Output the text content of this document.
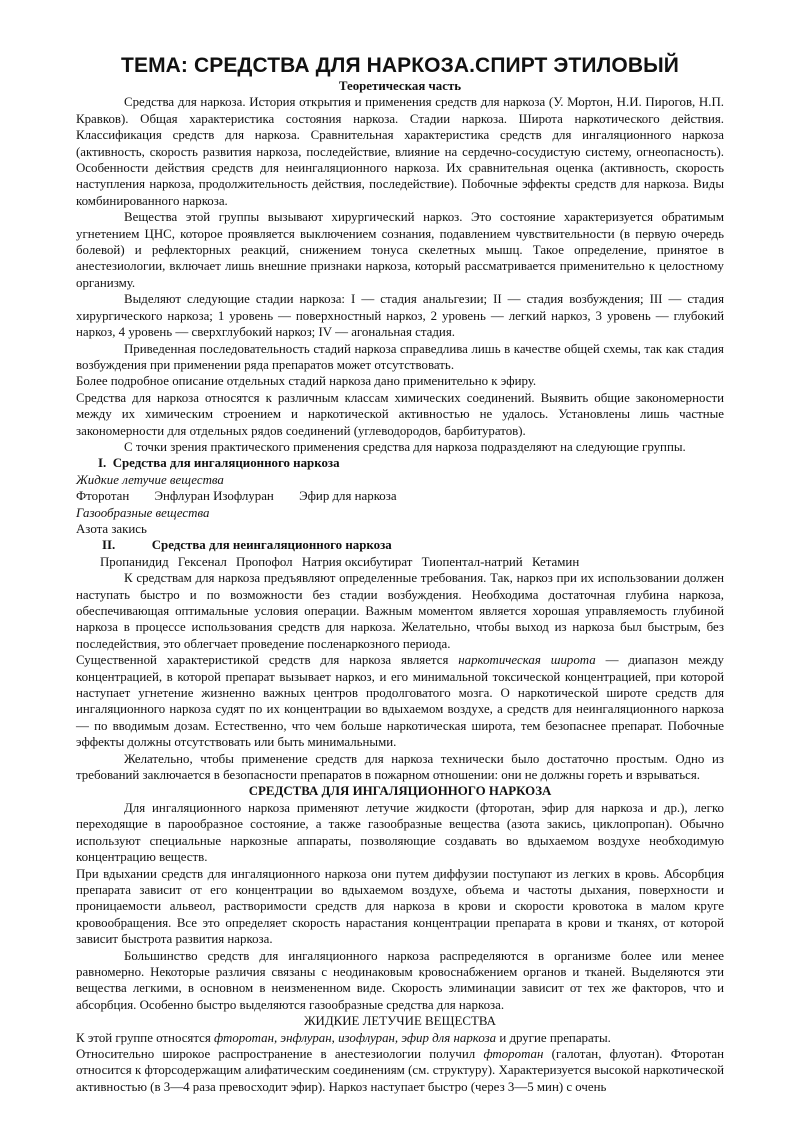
ТЕМА: СРЕДСТВА ДЛЯ НАРКОЗА.СПИРТ ЭТИЛОВЫЙ

Теоретическая часть

Средства для наркоза. История открытия и применения средств для наркоза (У. Мортон, Н.И. Пирогов, Н.П. Кравков). Общая характеристика состояния наркоза. Стадии наркоза. Широта наркотического действия. Классификация средств для наркоза. Сравнительная характеристика средств для ингаляционного наркоза (активность, скорость развития наркоза, последействие, влияние на сердечно-сосудистую систему, огнеопасность). Особенности действия средств для неингаляционного наркоза. Их сравнительная оценка (активность, скорость наступления наркоза, продолжительность действия, последействие). Побочные эффекты средств для наркоза. Виды комбинированного наркоза.

Вещества этой группы вызывают хирургический наркоз. Это состояние характеризуется обратимым угнетением ЦНС, которое проявляется выключением сознания, подавлением чувствительности (в первую очередь болевой) и рефлекторных реакций, снижением тонуса скелетных мышц. Такое определение, принятое в анестезиологии, включает лишь внешние признаки наркоза, который рассматривается применительно к целостному организму.

Выделяют следующие стадии наркоза: I — стадия анальгезии; II — стадия возбуждения; III — стадия хирургического наркоза; 1 уровень — поверхностный наркоз, 2 уровень — легкий наркоз, 3 уровень — глубокий наркоз, 4 уровень — сверхглубокий наркоз; IV — агональная стадия.

Приведенная последовательность стадий наркоза справедлива лишь в качестве общей схемы, так как стадия возбуждения при применении ряда препаратов может отсутствовать.

Более подробное описание отдельных стадий наркоза дано применительно к эфиру.

Средства для наркоза относятся к различным классам химических соединений. Выявить общие закономерности между их химическим строением и наркотической активностью не удалось. Установлены лишь частные закономерности для отдельных рядов соединений (углеводородов, барбитуратов).

С точки зрения практического применения средства для наркоза подразделяют на следующие группы.

I. Средства для ингаляционного наркоза

Жидкие летучие вещества

Фторотан Энфлуран Изофлуран Эфир для наркоза

Газообразные вещества

Азота закись

II.	Средства для неингаляционного наркоза

Пропанидид Гексенал Пропофол Натрия оксибутират Тиопентал-натрий Кетамин

К средствам для наркоза предъявляют определенные требования. Так, наркоз при их использовании должен наступать быстро и по возможности без стадии возбуждения. Необходима достаточная глубина наркоза, обеспечивающая оптимальные условия операции. Важным моментом является хорошая управляемость глубиной наркоза в процессе использования средств для наркоза. Желательно, чтобы выход из наркоза был быстрым, без последействия, это облегчает проведение посленаркозного периода.

Существенной характеристикой средств для наркоза является наркотическая широта — диапазон между концентрацией, в которой препарат вызывает наркоз, и его минимальной токсической концентрацией, при которой наступает угнетение жизненно важных центров продолговатого мозга. О наркотической широте средств для ингаляционного наркоза судят по их концентрации во вдыхаемом воздухе, а средств для неингаляционного наркоза — по вводимым дозам. Естественно, что чем больше наркотическая широта, тем безопаснее препарат. Побочные эффекты должны отсутствовать или быть минимальными.

Желательно, чтобы применение средств для наркоза технически было достаточно простым. Одно из требований заключается в безопасности препаратов в пожарном отношении: они не должны гореть и взрываться.

СРЕДСТВА ДЛЯ ИНГАЛЯЦИОННОГО НАРКОЗА

Для ингаляционного наркоза применяют летучие жидкости (фторотан, эфир для наркоза и др.), легко переходящие в парообразное состояние, а также газообразные вещества (азота закись, циклопропан). Обычно используют специальные наркозные аппараты, позволяющие создавать во вдыхаемом воздухе необходимую концентрацию веществ.

При вдыхании средств для ингаляционного наркоза они путем диффузии поступают из легких в кровь. Абсорбция препарата зависит от его концентрации во вдыхаемом воздухе, объема и частоты дыхания, поверхности и проницаемости альвеол, растворимости средств для наркоза в крови и скорости кровотока в малом круге кровообращения. Все это определяет скорость нарастания концентрации препарата в крови и тканях, от которой зависит быстрота развития наркоза.

Большинство средств для ингаляционного наркоза распределяются в организме более или менее равномерно. Некоторые различия связаны с неодинаковым кровоснабжением органов и тканей. Выделяются эти вещества легкими, в основном в неизмененном виде. Скорость элиминации зависит от тех же факторов, что и абсорбция. Особенно быстро выделяются газообразные средства для наркоза.

ЖИДКИЕ ЛЕТУЧИЕ ВЕЩЕСТВА

К этой группе относятся фторотан, энфлуран, изофлуран, эфир для наркоза и другие препараты.

Относительно широкое распространение в анестезиологии получил фторотан (галотан, флуотан). Фторотан относится к фторсодержащим алифатическим соединениям (см. структуру). Характеризуется высокой наркотической активностью (в 3—4 раза превосходит эфир). Наркоз наступает быстро (через 3—5 мин) с очень
